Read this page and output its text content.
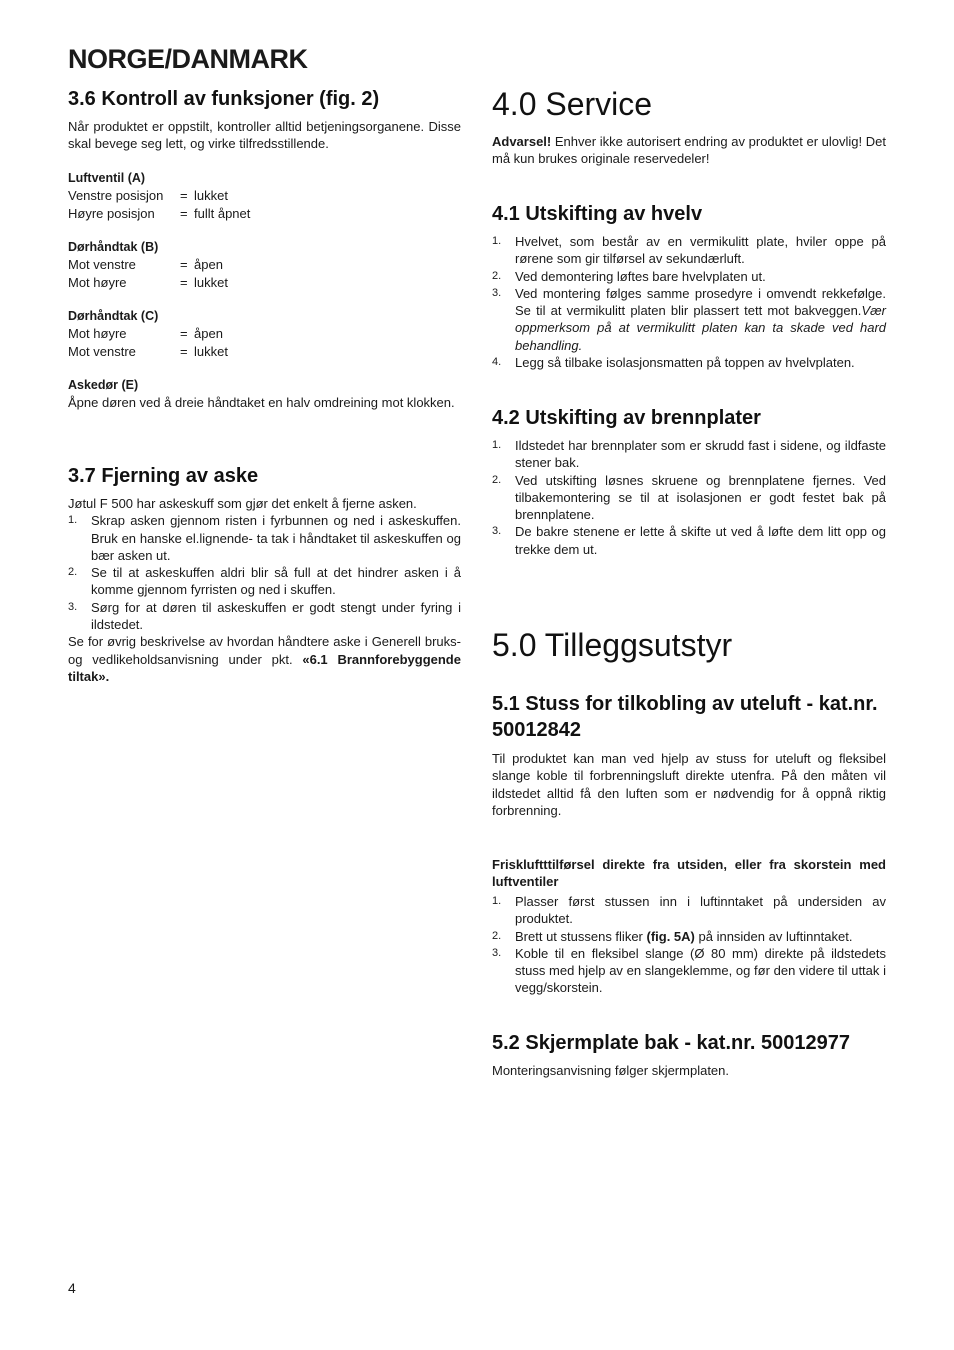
NORGE/DANMARK
3.6 Kontroll av funksjoner (fig. 2)

Når produktet er oppstilt, kontroller alltid betjeningsorganene. Disse skal bevege seg lett, og virke tilfredsstillende.

Luftventil (A)
Venstre posisjon	= lukket
Høyre posisjon	= fullt åpnet
Dørhåndtak (B)
Mot venstre	= åpen
Mot høyre	= lukket
Dørhåndtak (C)
Mot høyre	= åpen
Mot venstre	= lukket
Askedør (E)

Åpne døren ved å dreie håndtaket en halv omdreining mot klokken.

3.7 Fjerning av aske

Jøtul F 500 har askeskuff som gjør det enkelt å fjerne asken.

1. Skrap asken gjennom risten i fyrbunnen og ned i askeskuffen. Bruk en hanske el.lignende- ta tak i håndtaket til askeskuffen og bær asken ut.
2. Se til at askeskuffen aldri blir så full at det hindrer asken i å komme gjennom fyrristen og ned i skuffen.
3. Sørg for at døren til askeskuffen er godt stengt under fyring i ildstedet.

Se for øvrig beskrivelse av hvordan håndtere aske i Generell bruks- og vedlikeholdsanvisning under pkt. «6.1 Brannforebyggende tiltak».

4.0 Service

Advarsel! Enhver ikke autorisert endring av produktet er ulovlig! Det må kun brukes originale reservedeler!

4.1 Utskifting av hvelv
1. Hvelvet, som består av en vermikulitt plate, hviler oppe på rørene som gir tilførsel av sekundærluft.
2. Ved demontering løftes bare hvelvplaten ut.
3. Ved montering følges samme prosedyre i omvendt rekkefølge. Se til at vermikulitt platen blir plassert tett mot bakveggen.Vær oppmerksom på at vermikulitt platen kan ta skade ved hard behandling.
4. Legg så tilbake isolasjonsmatten på toppen av hvelvplaten.
4.2 Utskifting av brennplater
1. Ildstedet har brennplater som er skrudd fast i sidene, og ildfaste stener bak.
2. Ved utskifting løsnes skruene og brennplatene fjernes. Ved tilbakemontering se til at isolasjonen er godt festet bak på brennplatene.
3. De bakre stenene er lette å skifte ut ved å løfte dem litt opp og trekke dem ut.
5.0 Tilleggsutstyr
5.1 Stuss for tilkobling av uteluft - kat.nr. 50012842

Til produktet kan man ved hjelp av stuss for uteluft og fleksibel slange koble til forbrenningsluft direkte utenfra. På den måten vil ildstedet alltid få den luften som er nødvendig for å oppnå riktig forbrenning.

Friskluftttilførsel direkte fra utsiden, eller fra skorstein med luftventiler
1. Plasser først stussen inn i luftinntaket på undersiden av produktet.
2. Brett ut stussens fliker (fig. 5A) på innsiden av luftinntaket.
3. Koble til en fleksibel slange (Ø 80 mm) direkte på ildstedets stuss med hjelp av en slangeklemme, og før den videre til uttak i vegg/skorstein.
5.2 Skjermplate bak - kat.nr. 50012977

Monteringsanvisning følger skjermplaten.

4
